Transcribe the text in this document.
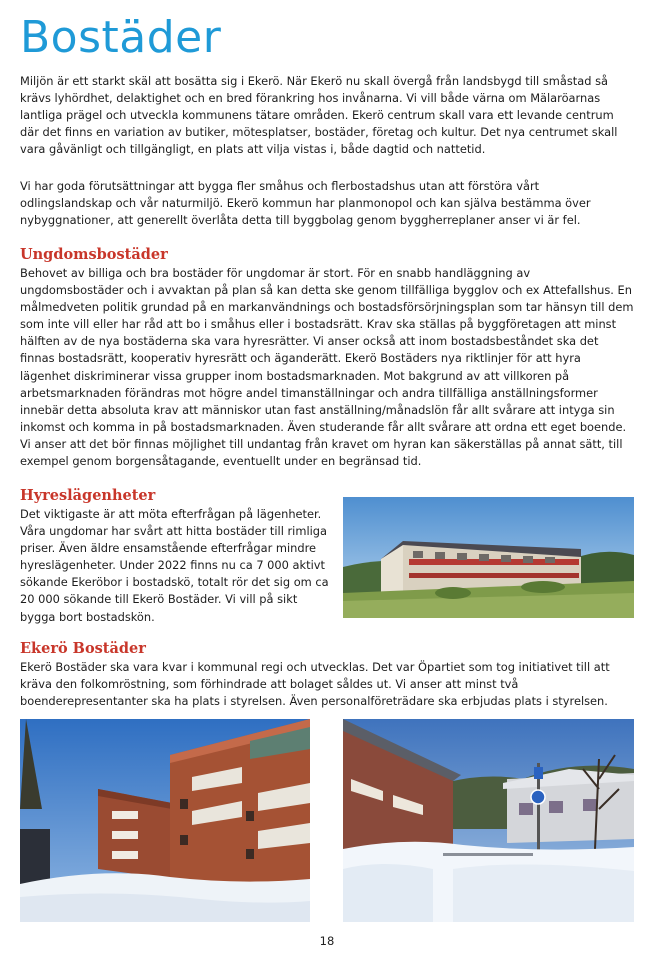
Bostäder

Miljön är ett starkt skäl att bosätta sig i Ekerö. När Ekerö nu skall övergå från landsbygd till småstad så krävs lyhördhet, delaktighet och en bred förankring hos invånarna. Vi vill både värna om Mälaröarnas lantliga prägel och utveckla kommunens tätare områden. Ekerö centrum skall vara ett levande centrum där det finns en variation av butiker, mötesplatser, bostäder, företag och kultur. Det nya centrumet skall vara gåvänligt och tillgängligt, en plats att vilja vistas i, både dagtid och nattetid.

Vi har goda förutsättningar att bygga fler småhus och flerbostadshus utan att förstöra vårt odlingslandskap och vår naturmiljö. Ekerö kommun har planmonopol och kan själva bestämma över nybyggnationer, att generellt överlåta detta till byggbolag genom byggherreplaner anser vi är fel.

Ungdomsbostäder

Behovet av billiga och bra bostäder för ungdomar är stort. För en snabb handläggning av ungdomsbostäder och i avvaktan på plan så kan detta ske genom tillfälliga bygglov och ex Attefallshus. En målmedveten politik grundad på en markanvändnings och bostadsförsörjningsplan som tar hänsyn till dem som inte vill eller har råd att bo i småhus eller i bostadsrätt. Krav ska ställas på byggföretagen att minst hälften av de nya bostäderna ska vara hyresrätter. Vi anser också att inom bostadsbeståndet ska det finnas bostadsrätt, kooperativ hyresrätt och äganderätt. Ekerö Bostäders nya riktlinjer för att hyra lägenhet diskriminerar vissa grupper inom bostadsmarknaden. Mot bakgrund av att villkoren på arbetsmarknaden förändras mot högre andel timanställningar och andra tillfälliga anställningsformer innebär detta absoluta krav att människor utan fast anställning/månadslön får allt svårare att intyga sin inkomst och komma in på bostadsmarknaden. Även studerande får allt svårare att ordna ett eget boende. Vi anser att det bör finnas möjlighet till undantag från kravet om hyran kan säkerställas på annat sätt, till exempel genom borgensåtagande, eventuellt under en begränsad tid.

Hyreslägenheter

Det viktigaste är att möta efterfrågan på lägenheter. Våra ungdomar har svårt att hitta bostäder till rimliga priser. Även äldre ensamstående efterfrågar mindre hyreslägenheter. Under 2022 finns nu ca 7 000 aktivt sökande Ekeröbor i bostadskö, totalt rör det sig om ca 20 000 sökande till Ekerö Bostäder. Vi vill på sikt bygga bort bostadskön.

Ekerö Bostäder

Ekerö Bostäder ska vara kvar i kommunal regi och utvecklas. Det var Öpartiet som tog initiativet till att kräva den folkomröstning, som förhindrade att bolaget såldes ut. Vi anser att minst två boenderepresentanter ska ha plats i styrelsen. Även personalföreträdare ska erbjudas plats i styrelsen.

18
